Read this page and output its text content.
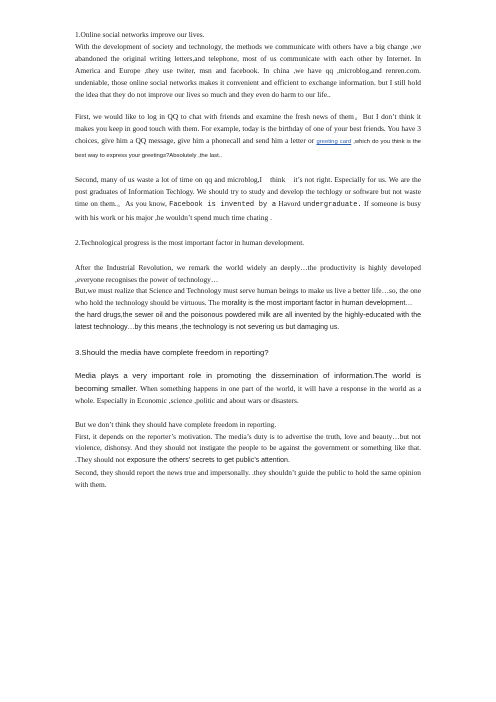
1.Online social networks improve our lives.

With the development of society and technology, the methods we communicate with others have a big change ,we abandoned the original writing letters,and telephone, most of us communicate with each other by Internet. In America and Europe ,they use twiter, msn and facebook. In china ,we have qq ,microblog,and renren.com. undeniable, those online social networks makes it convenient and efficient to exchange information. but I still hold the idea that they do not improve our lives so much and they even do harm to our life..

First, we would like to log in QQ to chat with friends and examine the fresh news of them。But I don’t think it makes you keep in good touch with them. For example, today is the birthday of one of your best friends. You have 3 choices, give him a QQ message, give him a phonecall and send him a letter or greeting card ,which do you think is the best way to express your greetings?Absolutely ,the last..

Second, many of us waste a lot of time on qq and microblog,I　think　it’s not right. Especially for us. We are the post graduates of Information Techlogy. We should try to study and develop the techlogy or software but not waste time on them.。As you know, Facebook is invented by a Havord undergraduate. If someone is busy with his work or his major ,he wouldn’t spend much time chating .

2.Technological progress is the most important factor in human development.

After the Industrial Revolution, we remark the world widely an deeply…the productivity is highly developed ,everyone recognises the power of technology…

But,we must realize that Science and Technology must serve human beings to make us live a better life…so, the one who hold the technology should be virtuous. The morality is the most important factor in human development…

the hard drugs,the sewer oil and the poisonous powdered milk are all invented by the highly-educated with the latest technology…by this means ,the technology is not severing us but damaging us.

3.Should the media have complete freedom in reporting?

Media plays a very important role in promoting the dissemination of information.The world is becoming smaller. When something happens in one part of the world, it will have a response in the world as a whole. Especially in Economic ,science ,politic and about wars or disasters.

But we don’t think they should have complete freedom in reporting.

First, it depends on the reporter’s motivation. The media’s duty is to advertise the truth, love and beauty…but not violence, dishonsy. And they should not instigate the people to be against the government or something like that. .They should not exposure the others’ secrets to get public’s attention.

Second, they should report the news true and impersonally. .they shouldn’t guide the public to hold the same opinion with them.
